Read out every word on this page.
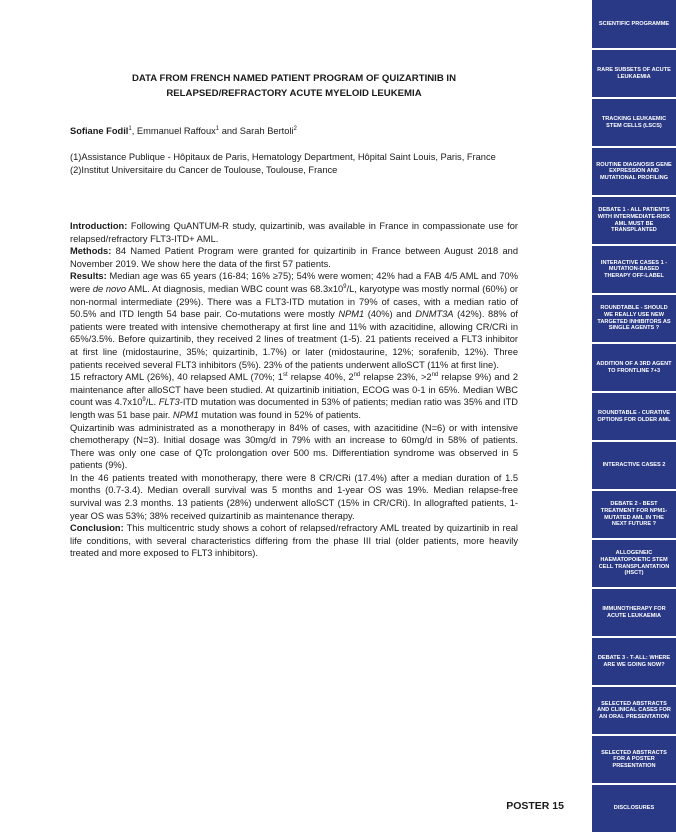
DATA FROM FRENCH NAMED PATIENT PROGRAM OF QUIZARTINIB IN
RELAPSED/REFRACTORY ACUTE MYELOID LEUKEMIA
Sofiane Fodil$^1$, Emmanuel Raffoux$^1$ and Sarah Bertoli$^2$
(1)Assistance Publique - Hôpitaux de Paris, Hematology Department, Hôpital Saint Louis, Paris, France
(2)Institut Universitaire du Cancer de Toulouse, Toulouse, France

Introduction: Following QuANTUM-R study, quizartinib, was available in France in compassionate use for relapsed/refractory FLT3-ITD+ AML.

Methods: 84 Named Patient Program were granted for quizartinib in France between August 2018 and November 2019. We show here the data of the first 57 patients.

Results: Median age was 65 years (16-84; 16% ≥75); 54% were women; 42% had a FAB 4/5 AML and 70% were de novo AML. At diagnosis, median WBC count was $68.3x10^9/L$, karyotype was mostly normal (60%) or non-normal intermediate (29%). There was a FLT3-ITD mutation in 79% of cases, with a median ratio of 50.5% and ITD length 54 base pair. Co-mutations were mostly NPM1 (40%) and DNMT3A (42%). 88% of patients were treated with intensive chemotherapy at first line and 11% with azacitidine, allowing CR/CRi in 65%/3.5%. Before quizartinib, they received 2 lines of treatment (1-5). 21 patients received a FLT3 inhibitor at first line (midostaurine, 35%; quizartinib, 1.7%) or later (midostaurine, 12%; sorafenib, 12%). Three patients received several FLT3 inhibitors (5%). 23% of the patients underwent alloSCT (11% at first line).

15 refractory AML (26%), 40 relapsed AML (70%; 1st relapse 40%, 2nd relapse 23%, >2nd relapse 9%) and 2 maintenance after alloSCT have been studied. At quizartinib initiation, ECOG was 0-1 in 65%. Median WBC count was $4.7x10^9/L$. FLT3-ITD mutation was documented in 53% of patients; median ratio was 35% and ITD length was 51 base pair. NPM1 mutation was found in 52% of patients.

Quizartinib was administrated as a monotherapy in 84% of cases, with azacitidine (N=6) or with intensive chemotherapy (N=3). Initial dosage was 30mg/d in 79% with an increase to 60mg/d in 58% of patients. There was only one case of QTc prolongation over 500 ms. Differentiation syndrome was observed in 5 patients (9%).

In the 46 patients treated with monotherapy, there were 8 CR/CRi (17.4%) after a median duration of 1.5 months (0.7-3.4). Median overall survival was 5 months and 1-year OS was 19%. Median relapse-free survival was 2.3 months. 13 patients (28%) underwent alloSCT (15% in CR/CRi). In allografted patients, 1-year OS was 53%; 38% received quizartinib as maintenance therapy.

Conclusion: This multicentric study shows a cohort of relapsed/refractory AML treated by quizartinib in real life conditions, with several characteristics differing from the phase III trial (older patients, more heavily treated and more exposed to FLT3 inhibitors).

POSTER 15
SCIENTIFIC PROGRAMME
RARE SUBSETS OF ACUTE LEUKAEMIA
TRACKING LEUKAEMIC STEM CELLS (LSCS)
ROUTINE DIAGNOSIS GENE EXPRESSION AND MUTATIONAL PROFILING
DEBATE 1 - ALL PATIENTS WITH INTERMEDIATE-RISK AML MUST BE TRANSPLANTED
INTERACTIVE CASES 1 - MUTATION-BASED THERAPY OFF-LABEL
ROUNDTABLE - SHOULD WE REALLY USE NEW TARGETED INHIBITORS AS SINGLE AGENTS ?
ADDITION OF A 3RD AGENT TO FRONTLINE 7+3
ROUNDTABLE - CURATIVE OPTIONS FOR OLDER AML
INTERACTIVE CASES 2
DEBATE 2 - BEST TREATMENT FOR NPM1-MUTATED AML IN THE NEXT FUTURE ?
ALLOGENEIC HAEMATOPOIETIC STEM CELL TRANSPLANTATION (HSCT)
IMMUNOTHERAPY FOR ACUTE LEUKAEMIA
DEBATE 3 - T-ALL: WHERE ARE WE GOING NOW?
SELECTED ABSTRACTS AND CLINICAL CASES FOR AN ORAL PRESENTATION
SELECTED ABSTRACTS FOR A POSTER PRESENTATION
DISCLOSURES
